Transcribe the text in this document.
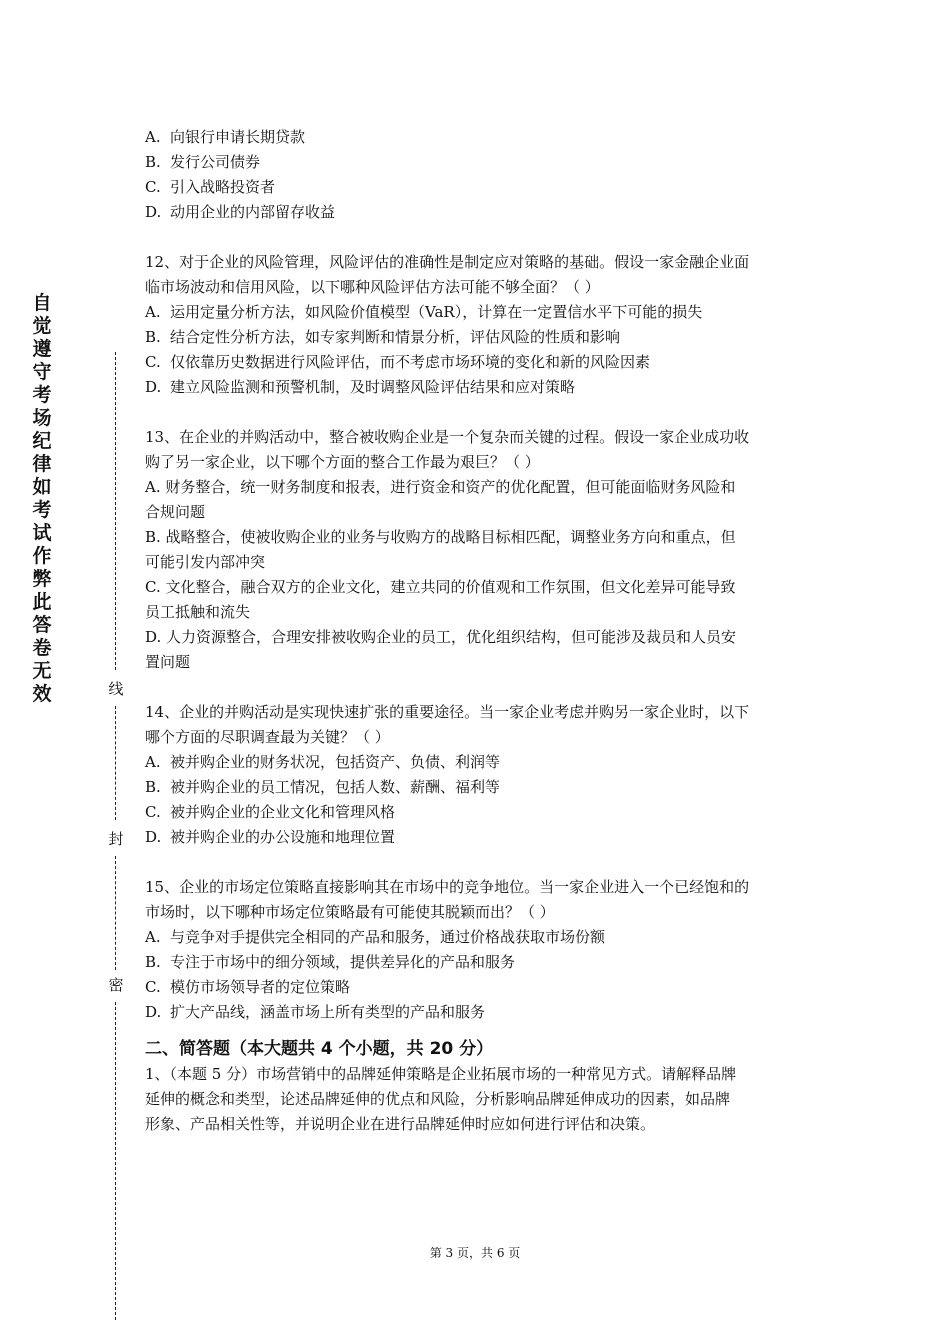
自觉遵守考场纪律如考试作弊此答卷无效	线
封
密
A. 向银行申请长期贷款
B. 发行公司债券
C. 引入战略投资者
D. 动用企业的内部留存收益
12、对于企业的风险管理，风险评估的准确性是制定应对策略的基础。假设一家金融企业面
临市场波动和信用风险，以下哪种风险评估方法可能不够全面？（ ）
A. 运用定量分析方法，如风险价值模型（VaR），计算在一定置信水平下可能的损失
B. 结合定性分析方法，如专家判断和情景分析，评估风险的性质和影响
C. 仅依靠历史数据进行风险评估，而不考虑市场环境的变化和新的风险因素
D. 建立风险监测和预警机制，及时调整风险评估结果和应对策略
13、在企业的并购活动中，整合被收购企业是一个复杂而关键的过程。假设一家企业成功收
购了另一家企业，以下哪个方面的整合工作最为艰巨？（ ）
A. 财务整合，统一财务制度和报表，进行资金和资产的优化配置，但可能面临财务风险和
合规问题
B. 战略整合，使被收购企业的业务与收购方的战略目标相匹配，调整业务方向和重点，但
可能引发内部冲突
C. 文化整合，融合双方的企业文化，建立共同的价值观和工作氛围，但文化差异可能导致
员工抵触和流失
D. 人力资源整合，合理安排被收购企业的员工，优化组织结构，但可能涉及裁员和人员安
置问题
14、企业的并购活动是实现快速扩张的重要途径。当一家企业考虑并购另一家企业时，以下
哪个方面的尽职调查最为关键？（ ）
A. 被并购企业的财务状况，包括资产、负债、利润等
B. 被并购企业的员工情况，包括人数、薪酬、福利等
C. 被并购企业的企业文化和管理风格
D. 被并购企业的办公设施和地理位置
15、企业的市场定位策略直接影响其在市场中的竞争地位。当一家企业进入一个已经饱和的
市场时，以下哪种市场定位策略最有可能使其脱颖而出？（ ）
A. 与竞争对手提供完全相同的产品和服务，通过价格战获取市场份额
B. 专注于市场中的细分领域，提供差异化的产品和服务
C. 模仿市场领导者的定位策略
D. 扩大产品线，涵盖市场上所有类型的产品和服务
二、简答题（本大题共 4 个小题，共 20 分）
1、（本题 5 分）市场营销中的品牌延伸策略是企业拓展市场的一种常见方式。请解释品牌
延伸的概念和类型，论述品牌延伸的优点和风险，分析影响品牌延伸成功的因素，如品牌
形象、产品相关性等，并说明企业在进行品牌延伸时应如何进行评估和决策。
第 3 页，共 6 页
